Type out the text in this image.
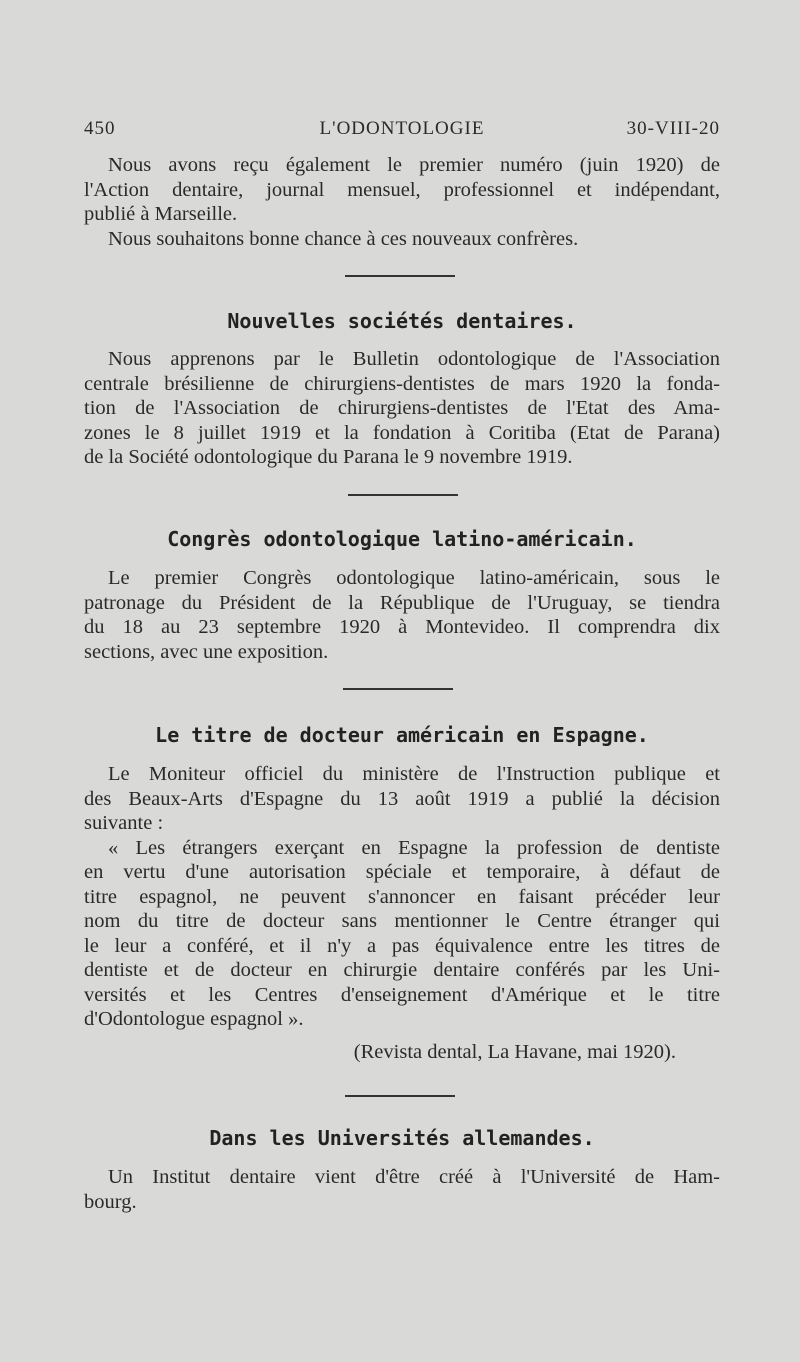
450	L'ODONTOLOGIE	30-VIII-20
Nous avons reçu également le premier numéro (juin 1920) de
l'Action dentaire, journal mensuel, professionnel et indépendant,
publié à Marseille.
Nous souhaitons bonne chance à ces nouveaux confrères.
Nouvelles sociétés dentaires.
Nous apprenons par le Bulletin odontologique de l'Association
centrale brésilienne de chirurgiens-dentistes de mars 1920 la fonda-
tion de l'Association de chirurgiens-dentistes de l'Etat des Ama-
zones le 8 juillet 1919 et la fondation à Coritiba (Etat de Parana)
de la Société odontologique du Parana le 9 novembre 1919.
Congrès odontologique latino-américain.
Le premier Congrès odontologique latino-américain, sous le
patronage du Président de la République de l'Uruguay, se tiendra
du 18 au 23 septembre 1920 à Montevideo. Il comprendra dix
sections, avec une exposition.
Le titre de docteur américain en Espagne.
Le Moniteur officiel du ministère de l'Instruction publique et
des Beaux-Arts d'Espagne du 13 août 1919 a publié la décision
suivante :
« Les étrangers exerçant en Espagne la profession de dentiste
en vertu d'une autorisation spéciale et temporaire, à défaut de
titre espagnol, ne peuvent s'annoncer en faisant précéder leur
nom du titre de docteur sans mentionner le Centre étranger qui
le leur a conféré, et il n'y a pas équivalence entre les titres de
dentiste et de docteur en chirurgie dentaire conférés par les Uni-
versités et les Centres d'enseignement d'Amérique et le titre
d'Odontologue espagnol ».
(Revista dental, La Havane, mai 1920).
Dans les Universités allemandes.
Un Institut dentaire vient d'être créé à l'Université de Ham-
bourg.
